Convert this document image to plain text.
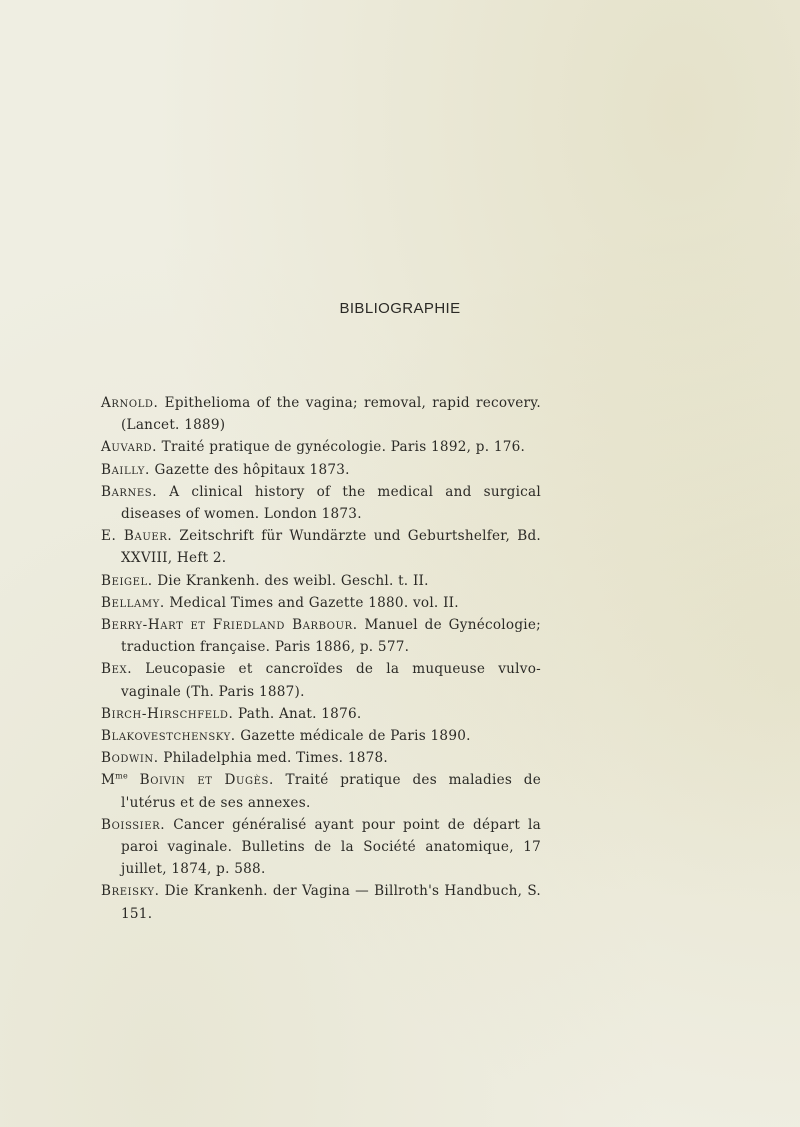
BIBLIOGRAPHIE
Arnold. Epithelioma of the vagina; removal, rapid recovery. (Lancet. 1889)
Auvard. Traité pratique de gynécologie. Paris 1892, p. 176.
Bailly. Gazette des hôpitaux 1873.
Barnes. A clinical history of the medical and surgical diseases of women. London 1873.
E. Bauer. Zeitschrift für Wundärzte und Geburtshelfer, Bd. XXVIII, Heft 2.
Beigel. Die Krankenh. des weibl. Geschl. t. II.
Bellamy. Medical Times and Gazette 1880. vol. II.
Berry-Hart et Friedland Barbour. Manuel de Gynécologie; traduction française. Paris 1886, p. 577.
Bex. Leucopasie et cancroïdes de la muqueuse vulvo-vaginale (Th. Paris 1887).
Birch-Hirschfeld. Path. Anat. 1876.
Blakovestchensky. Gazette médicale de Paris 1890.
Bodwin. Philadelphia med. Times. 1878.
$M^{me}$ Boivin et Dugès. Traité pratique des maladies de l'utérus et de ses annexes.
Boissier. Cancer généralisé ayant pour point de départ la paroi vaginale. Bulletins de la Société anatomique, 17 juillet, 1874, p. 588.
Breisky. Die Krankenh. der Vagina — Billroth's Handbuch, S. 151.
